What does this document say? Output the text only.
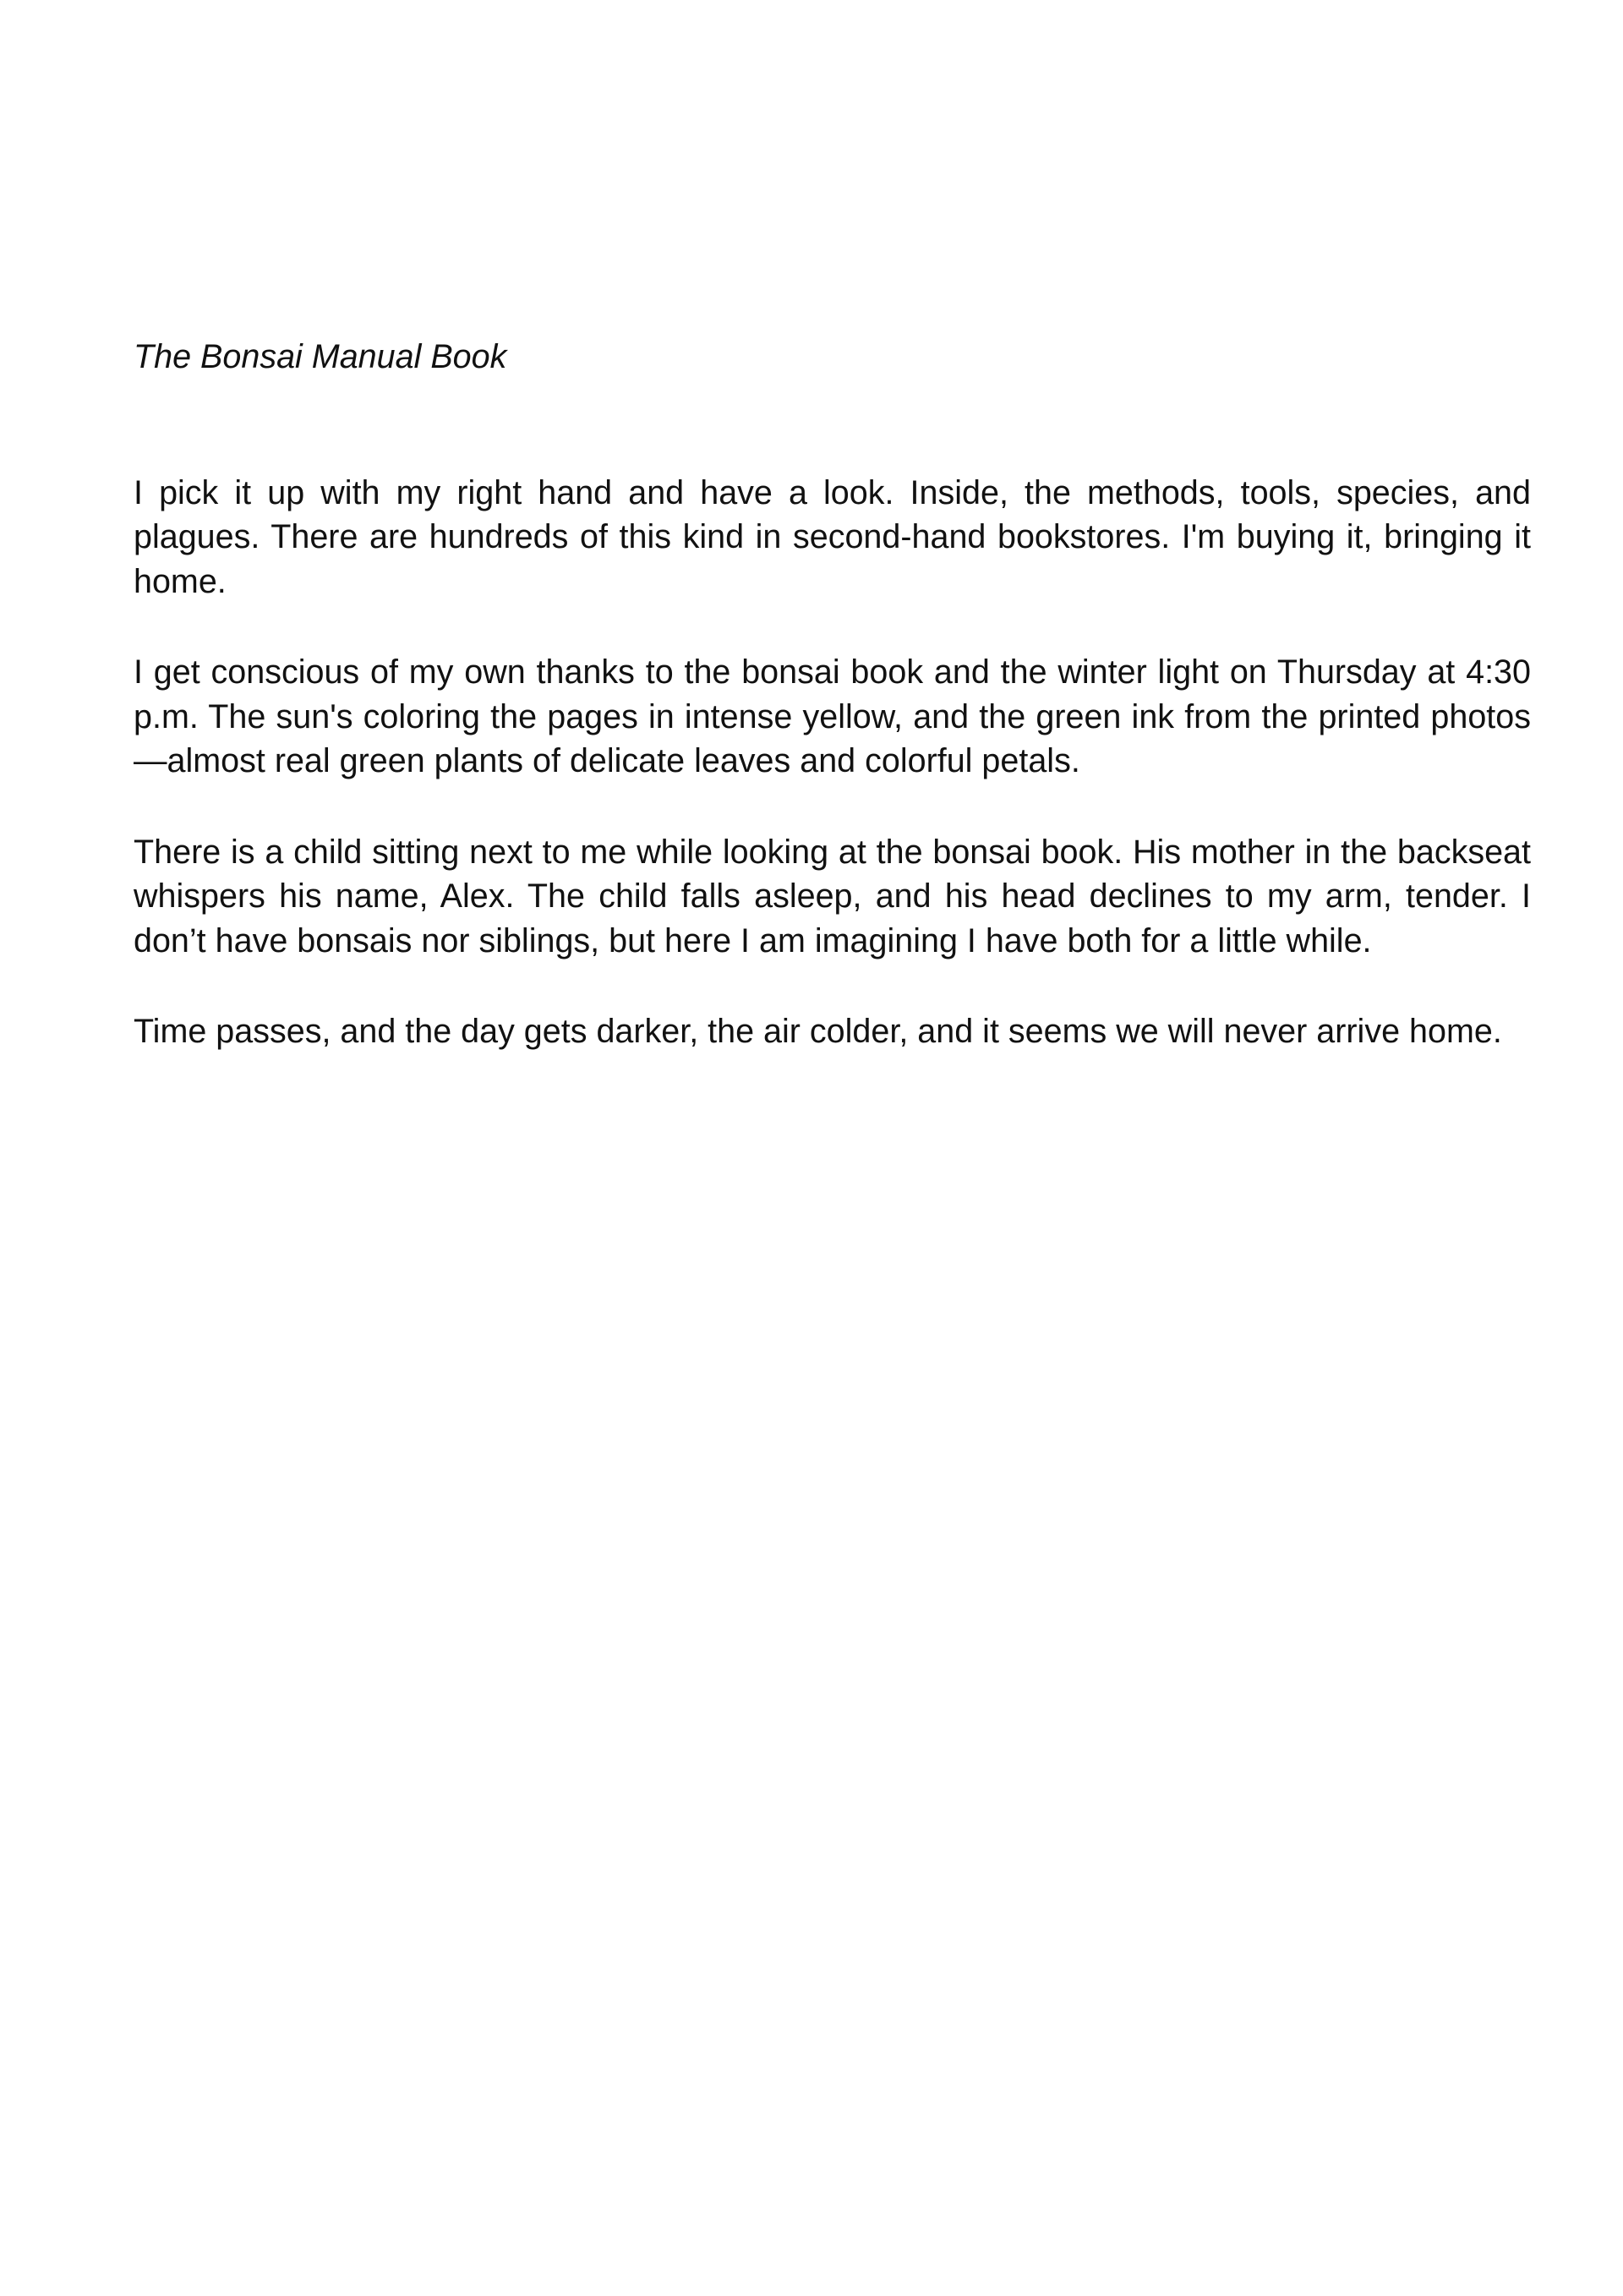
The Bonsai Manual Book
I pick it up with my right hand and have a look. Inside, the methods, tools, species, and plagues. There are hundreds of this kind in second-hand bookstores. I'm buying it, bringing it home.
I get conscious of my own thanks to the bonsai book and the winter light on Thursday at 4:30 p.m. The sun's coloring the pages in intense yellow, and the green ink from the printed photos—almost real green plants of delicate leaves and colorful petals.
There is a child sitting next to me while looking at the bonsai book. His mother in the backseat whispers his name, Alex. The child falls asleep, and his head declines to my arm, tender. I don’t have bonsais nor siblings, but here I am imagining I have both for a little while.
Time passes, and the day gets darker, the air colder, and it seems we will never arrive home.
